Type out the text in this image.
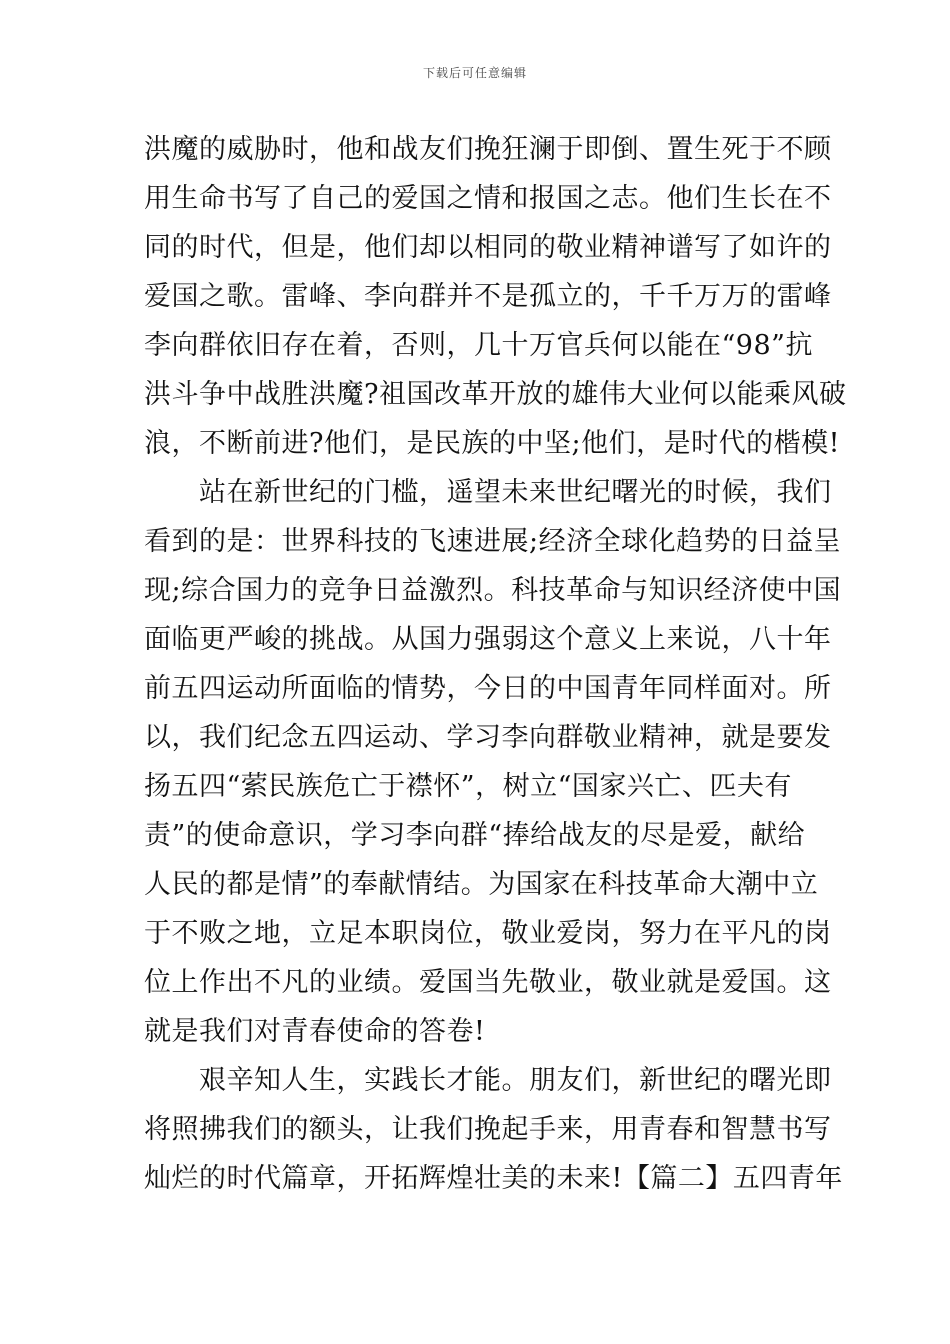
下载后可任意编辑
洪魔的威胁时，他和战友们挽狂澜于即倒、置生死于不顾
用生命书写了自己的爱国之情和报国之志。他们生长在不
同的时代，但是，他们却以相同的敬业精神谱写了如许的
爱国之歌。雷峰、李向群并不是孤立的，千千万万的雷峰
李向群依旧存在着，否则，几十万官兵何以能在“98”抗
洪斗争中战胜洪魔?祖国改革开放的雄伟大业何以能乘风破
浪，不断前进?他们，是民族的中坚;他们，是时代的楷模!
　　站在新世纪的门槛，遥望未来世纪曙光的时候，我们
看到的是：世界科技的飞速进展;经济全球化趋势的日益呈
现;综合国力的竞争日益激烈。科技革命与知识经济使中国
面临更严峻的挑战。从国力强弱这个意义上来说，八十年
前五四运动所面临的情势，今日的中国青年同样面对。所
以，我们纪念五四运动、学习李向群敬业精神，就是要发
扬五四“萦民族危亡于襟怀”，树立“国家兴亡、匹夫有
责”的使命意识，学习李向群“捧给战友的尽是爱，献给
人民的都是情”的奉献情结。为国家在科技革命大潮中立
于不败之地，立足本职岗位，敬业爱岗，努力在平凡的岗
位上作出不凡的业绩。爱国当先敬业，敬业就是爱国。这
就是我们对青春使命的答卷!
　　艰辛知人生，实践长才能。朋友们，新世纪的曙光即
将照拂我们的额头，让我们挽起手来，用青春和智慧书写
灿烂的时代篇章，开拓辉煌壮美的未来!【篇二】五四青年
